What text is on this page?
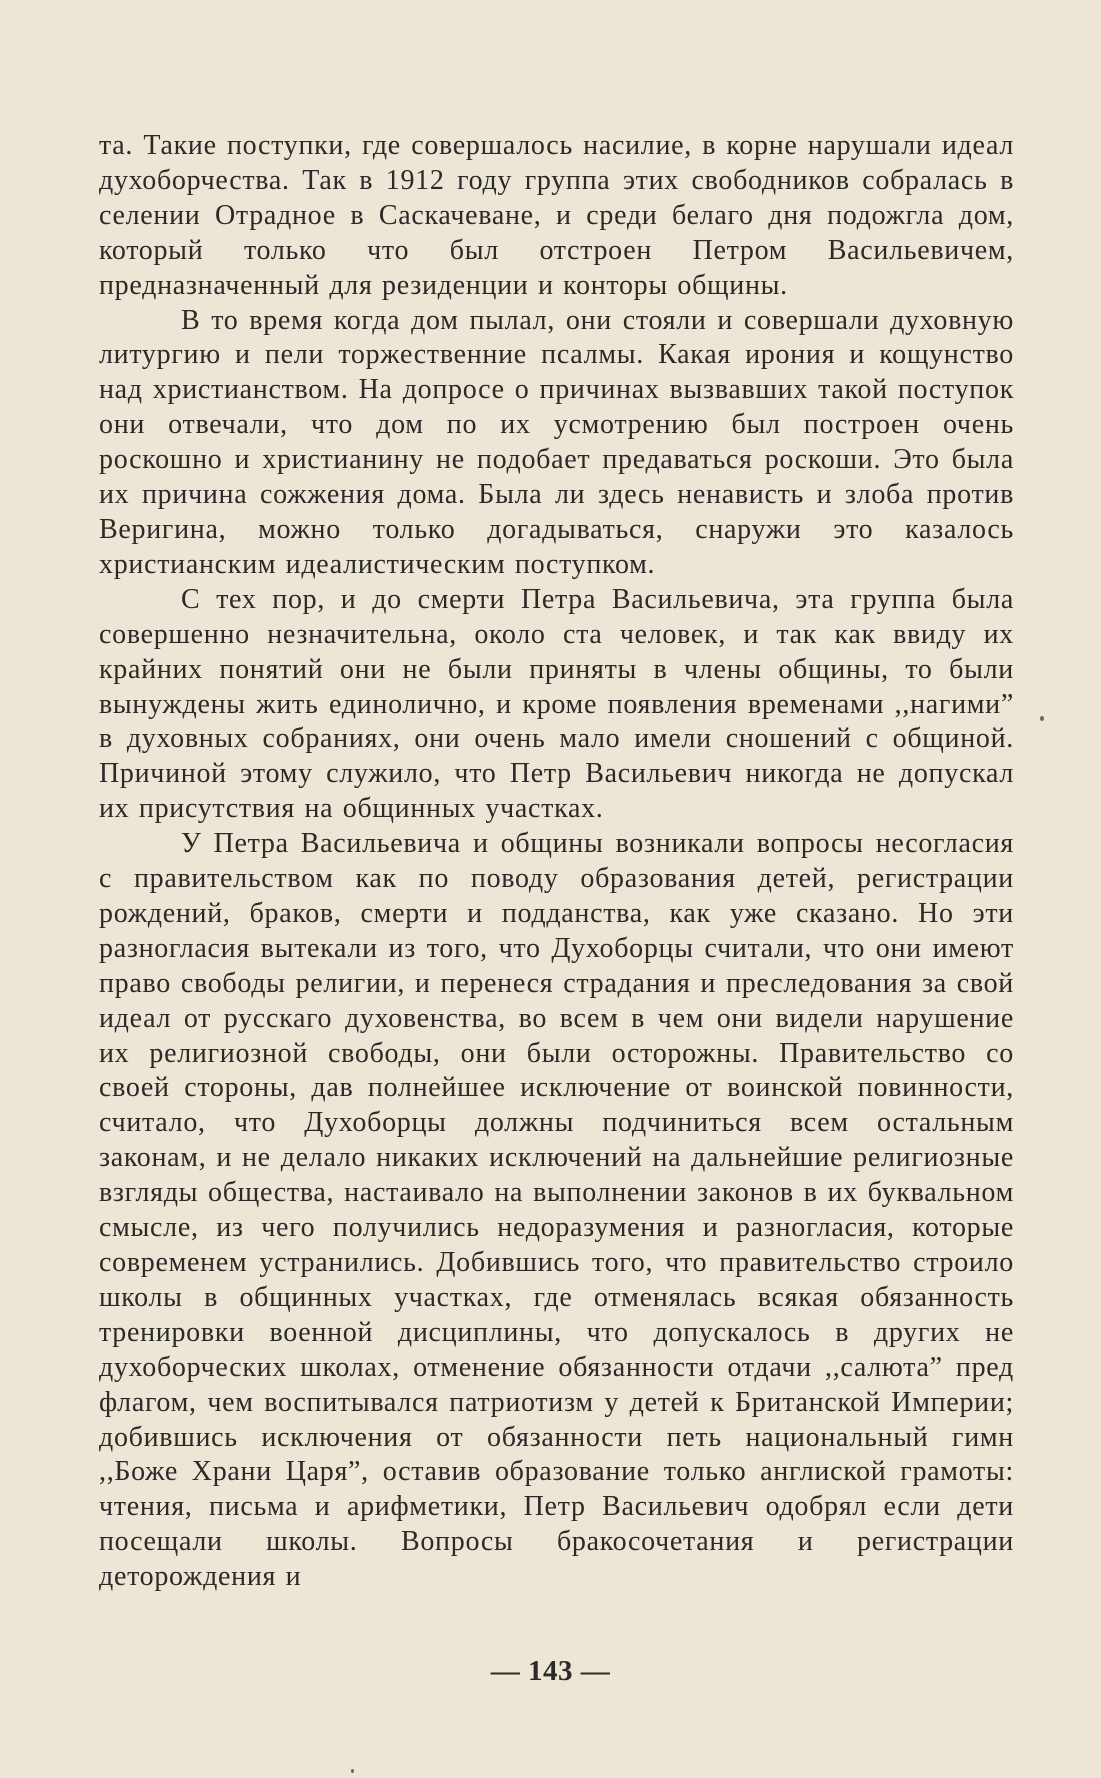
та. Такие поступки, где совершалось насилие, в корне нарушали идеал духоборчества. Так в 1912 году группа этих свободников собралась в селении Отрадное в Саскачеване, и среди белаго дня подожгла дом, который только что был отстроен Петром Васильевичем, предназначенный для резиденции и конторы общины.

В то время когда дом пылал, они стояли и совершали духовную литургию и пели торжественние псалмы. Какая ирония и кощунство над христианством. На допросе о причинах вызвавших такой поступок они отвечали, что дом по их усмотрению был построен очень роскошно и христианину не подобает предаваться роскоши. Это была их причина сожжения дома. Была ли здесь ненависть и злоба против Веригина, можно только догадываться, снаружи это казалось христианским идеалистическим поступком.

С тех пор, и до смерти Петра Васильевича, эта группа была совершенно незначительна, около ста человек, и так как ввиду их крайних понятий они не были приняты в члены общины, то были вынуждены жить единолично, и кроме появления временами ,,нагими” в духовных собраниях, они очень мало имели сношений с общиной. Причиной этому служило, что Петр Васильевич никогда не допускал их присутствия на общинных участках.

У Петра Васильевича и общины возникали вопросы несогласия с правительством как по поводу образования детей, регистрации рождений, браков, смерти и подданства, как уже сказано. Но эти разногласия вытекали из того, что Духоборцы считали, что они имеют право свободы религии, и перенеся страдания и преследования за свой идеал от русскаго духовенства, во всем в чем они видели нарушение их религиозной свободы, они были осторожны. Правительство со своей стороны, дав полнейшее исключение от воинской повинности, считало, что Духоборцы должны подчиниться всем остальным законам, и не делало никаких исключений на дальнейшие религиозные взгляды общества, настаивало на выполнении законов в их буквальном смысле, из чего получились недоразумения и разногласия, которые современем устранились. Добившись того, что правительство строило школы в общинных участках, где отменялась всякая обязанность тренировки военной дисциплины, что допускалось в других не духоборческих школах, отменение обязанности отдачи ,,салюта” пред флагом, чем воспитывался патриотизм у детей к Британской Империи; добившись исключения от обязанности петь национальный гимн ,,Боже Храни Царя”, оставив образование только англиской грамоты: чтения, письма и арифметики, Петр Васильевич одобрял если дети посещали школы. Вопросы бракосочетания и регистрации деторождения и

— 143 —
